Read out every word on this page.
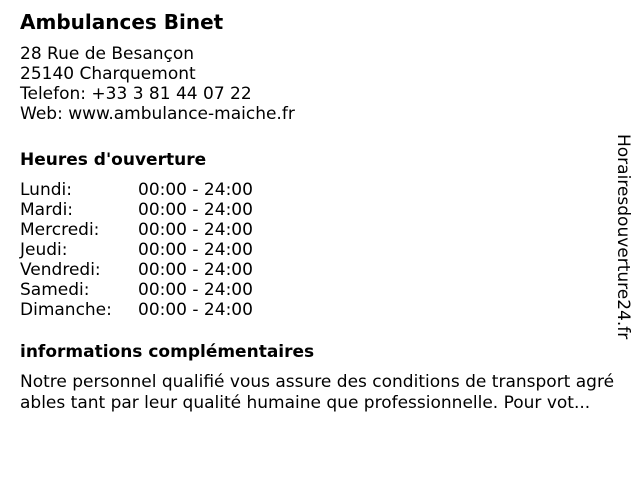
Ambulances Binet
28 Rue de Besançon
25140 Charquemont
Telefon: +33 3 81 44 07 22
Web: www.ambulance-maiche.fr
Heures d'ouverture
Lundi:	00:00 - 24:00
Mardi:	00:00 - 24:00
Mercredi:	00:00 - 24:00
Jeudi:	00:00 - 24:00
Vendredi:	00:00 - 24:00
Samedi:	00:00 - 24:00
Dimanche:	00:00 - 24:00
informations complémentaires
Notre personnel qualifié vous assure des conditions de transport agréables tant par leur qualité humaine que professionnelle. Pour vot...
Horairesdouverture24.fr
